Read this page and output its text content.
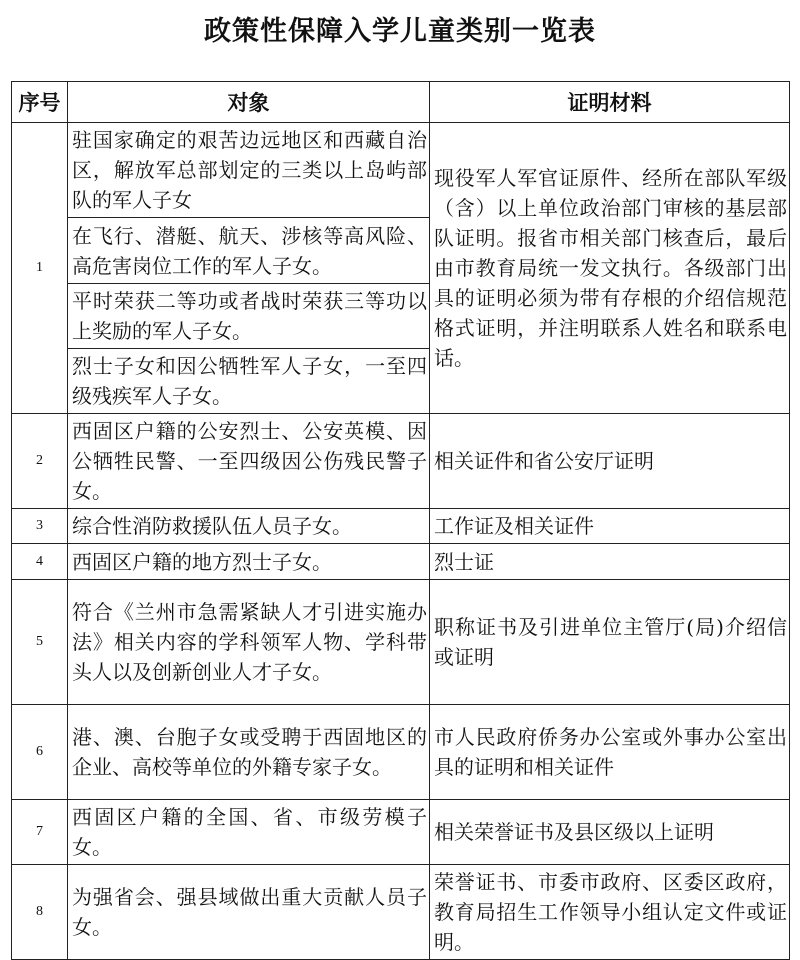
政策性保障入学儿童类别一览表
序号	对象	证明材料
1	驻国家确定的艰苦边远地区和西藏自治区，解放军总部划定的三类以上岛屿部队的军人子女	现役军人军官证原件、经所在部队军级（含）以上单位政治部门审核的基层部队证明。报省市相关部门核查后，最后由市教育局统一发文执行。各级部门出具的证明必须为带有存根的介绍信规范格式证明，并注明联系人姓名和联系电话。
	在飞行、潜艇、航天、涉核等高风险、高危害岗位工作的军人子女。	
	平时荣获二等功或者战时荣获三等功以上奖励的军人子女。	
	烈士子女和因公牺牲军人子女，一至四级残疾军人子女。	
2	西固区户籍的公安烈士、公安英模、因公牺牲民警、一至四级因公伤残民警子女。	相关证件和省公安厅证明
3	综合性消防救援队伍人员子女。	工作证及相关证件
4	西固区户籍的地方烈士子女。	烈士证
5	符合《兰州市急需紧缺人才引进实施办法》相关内容的学科领军人物、学科带头人以及创新创业人才子女。	职称证书及引进单位主管厅(局)介绍信或证明
6	港、澳、台胞子女或受聘于西固地区的企业、高校等单位的外籍专家子女。	市人民政府侨务办公室或外事办公室出具的证明和相关证件
7	西固区户籍的全国、省、市级劳模子女。	相关荣誉证书及县区级以上证明
8	为强省会、强县域做出重大贡献人员子女。	荣誉证书、市委市政府、区委区政府，教育局招生工作领导小组认定文件或证明。
